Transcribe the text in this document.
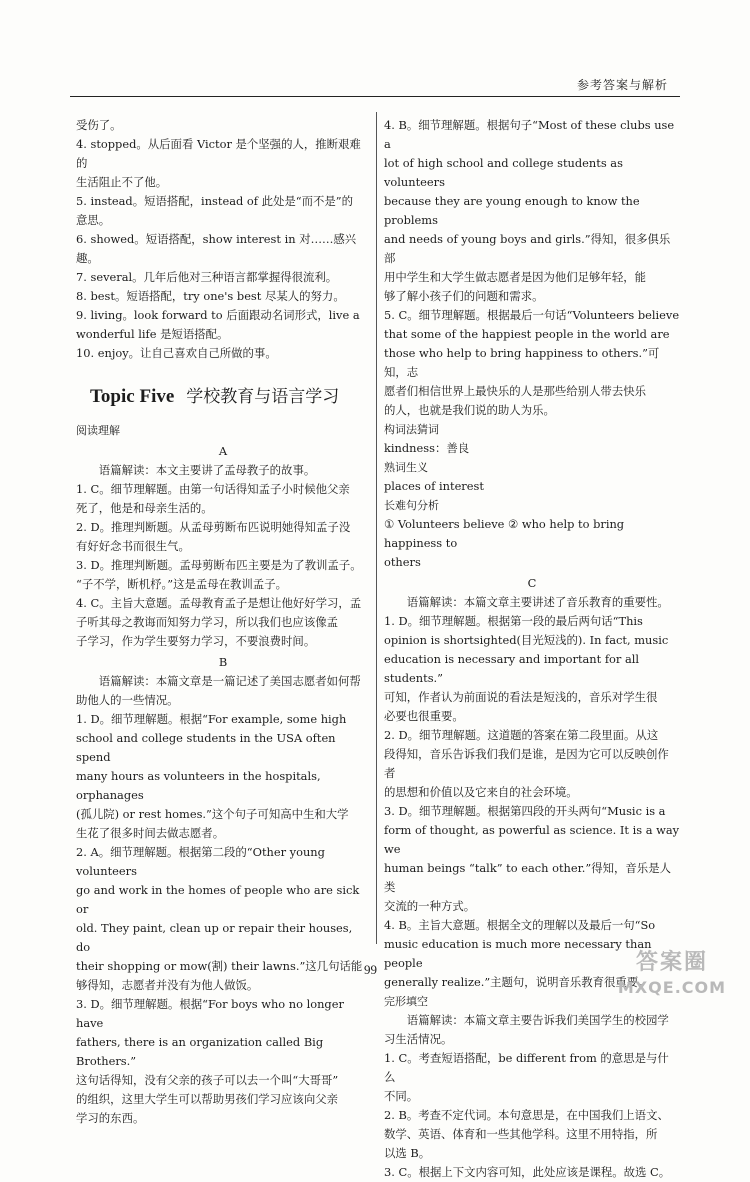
参考答案与解析

受伤了。

4. stopped。从后面看 Victor 是个坚强的人，推断艰难的

生活阻止不了他。

5. instead。短语搭配，instead of 此处是“而不是”的

意思。

6. showed。短语搭配，show interest in 对……感兴趣。

7. several。几年后他对三种语言都掌握得很流利。

8. best。短语搭配，try one's best 尽某人的努力。

9. living。look forward to 后面跟动名词形式，live a

wonderful life 是短语搭配。

10. enjoy。让自己喜欢自己所做的事。

Topic Five 学校教育与语言学习

阅读理解

A

语篇解读：本文主要讲了孟母教子的故事。

1. C。细节理解题。由第一句话得知孟子小时候他父亲

死了，他是和母亲生活的。

2. D。推理判断题。从孟母剪断布匹说明她得知孟子没

有好好念书而很生气。

3. D。推理判断题。孟母剪断布匹主要是为了教训孟子。

“子不学，断机杼。”这是孟母在教训孟子。

4. C。主旨大意题。孟母教育孟子是想让他好好学习，孟

子听其母之教诲而知努力学习，所以我们也应该像孟

子学习，作为学生要努力学习，不要浪费时间。

B

语篇解读：本篇文章是一篇记述了美国志愿者如何帮

助他人的一些情况。

1. D。细节理解题。根据“For example, some high

school and college students in the USA often spend

many hours as volunteers in the hospitals, orphanages

(孤儿院) or rest homes.”这个句子可知高中生和大学

生花了很多时间去做志愿者。

2. A。细节理解题。根据第二段的“Other young volunteers

go and work in the homes of people who are sick or

old. They paint, clean up or repair their houses, do

their shopping or mow(割) their lawns.”这几句话能

够得知，志愿者并没有为他人做饭。

3. D。细节理解题。根据“For boys who no longer have

fathers, there is an organization called Big Brothers.”

这句话得知，没有父亲的孩子可以去一个叫“大哥哥”

的组织，这里大学生可以帮助男孩们学习应该向父亲

学习的东西。

4. B。细节理解题。根据句子“Most of these clubs use a

lot of high school and college students as volunteers

because they are young enough to know the problems

and needs of young boys and girls.”得知，很多俱乐部

用中学生和大学生做志愿者是因为他们足够年轻，能

够了解小孩子们的问题和需求。

5. C。细节理解题。根据最后一句话“Volunteers believe

that some of the happiest people in the world are

those who help to bring happiness to others.”可知，志

愿者们相信世界上最快乐的人是那些给别人带去快乐

的人，也就是我们说的助人为乐。

构词法猜词

kindness：善良

熟词生义

places of interest

长难句分析

① Volunteers believe ② who help to bring happiness to

others

C

语篇解读：本篇文章主要讲述了音乐教育的重要性。

1. D。细节理解题。根据第一段的最后两句话“This

opinion is shortsighted(目光短浅的). In fact, music

education is necessary and important for all students.”

可知，作者认为前面说的看法是短浅的，音乐对学生很

必要也很重要。

2. D。细节理解题。这道题的答案在第二段里面。从这

段得知，音乐告诉我们我们是谁，是因为它可以反映创作者

的思想和价值以及它来自的社会环境。

3. D。细节理解题。根据第四段的开头两句“Music is a

form of thought, as powerful as science. It is a way we

human beings “talk” to each other.”得知，音乐是人类

交流的一种方式。

4. B。主旨大意题。根据全文的理解以及最后一句“So

music education is much more necessary than people

generally realize.”主题句，说明音乐教育很重要。

完形填空

语篇解读：本篇文章主要告诉我们美国学生的校园学

习生活情况。

1. C。考查短语搭配，be different from 的意思是与什么

不同。

2. B。考查不定代词。本句意思是，在中国我们上语文、

数学、英语、体育和一些其他学科。这里不用特指，所

以选 B。

3. C。根据上下文内容可知，此处应该是课程。故选 C。

99	答案圈
MXQE.COM
